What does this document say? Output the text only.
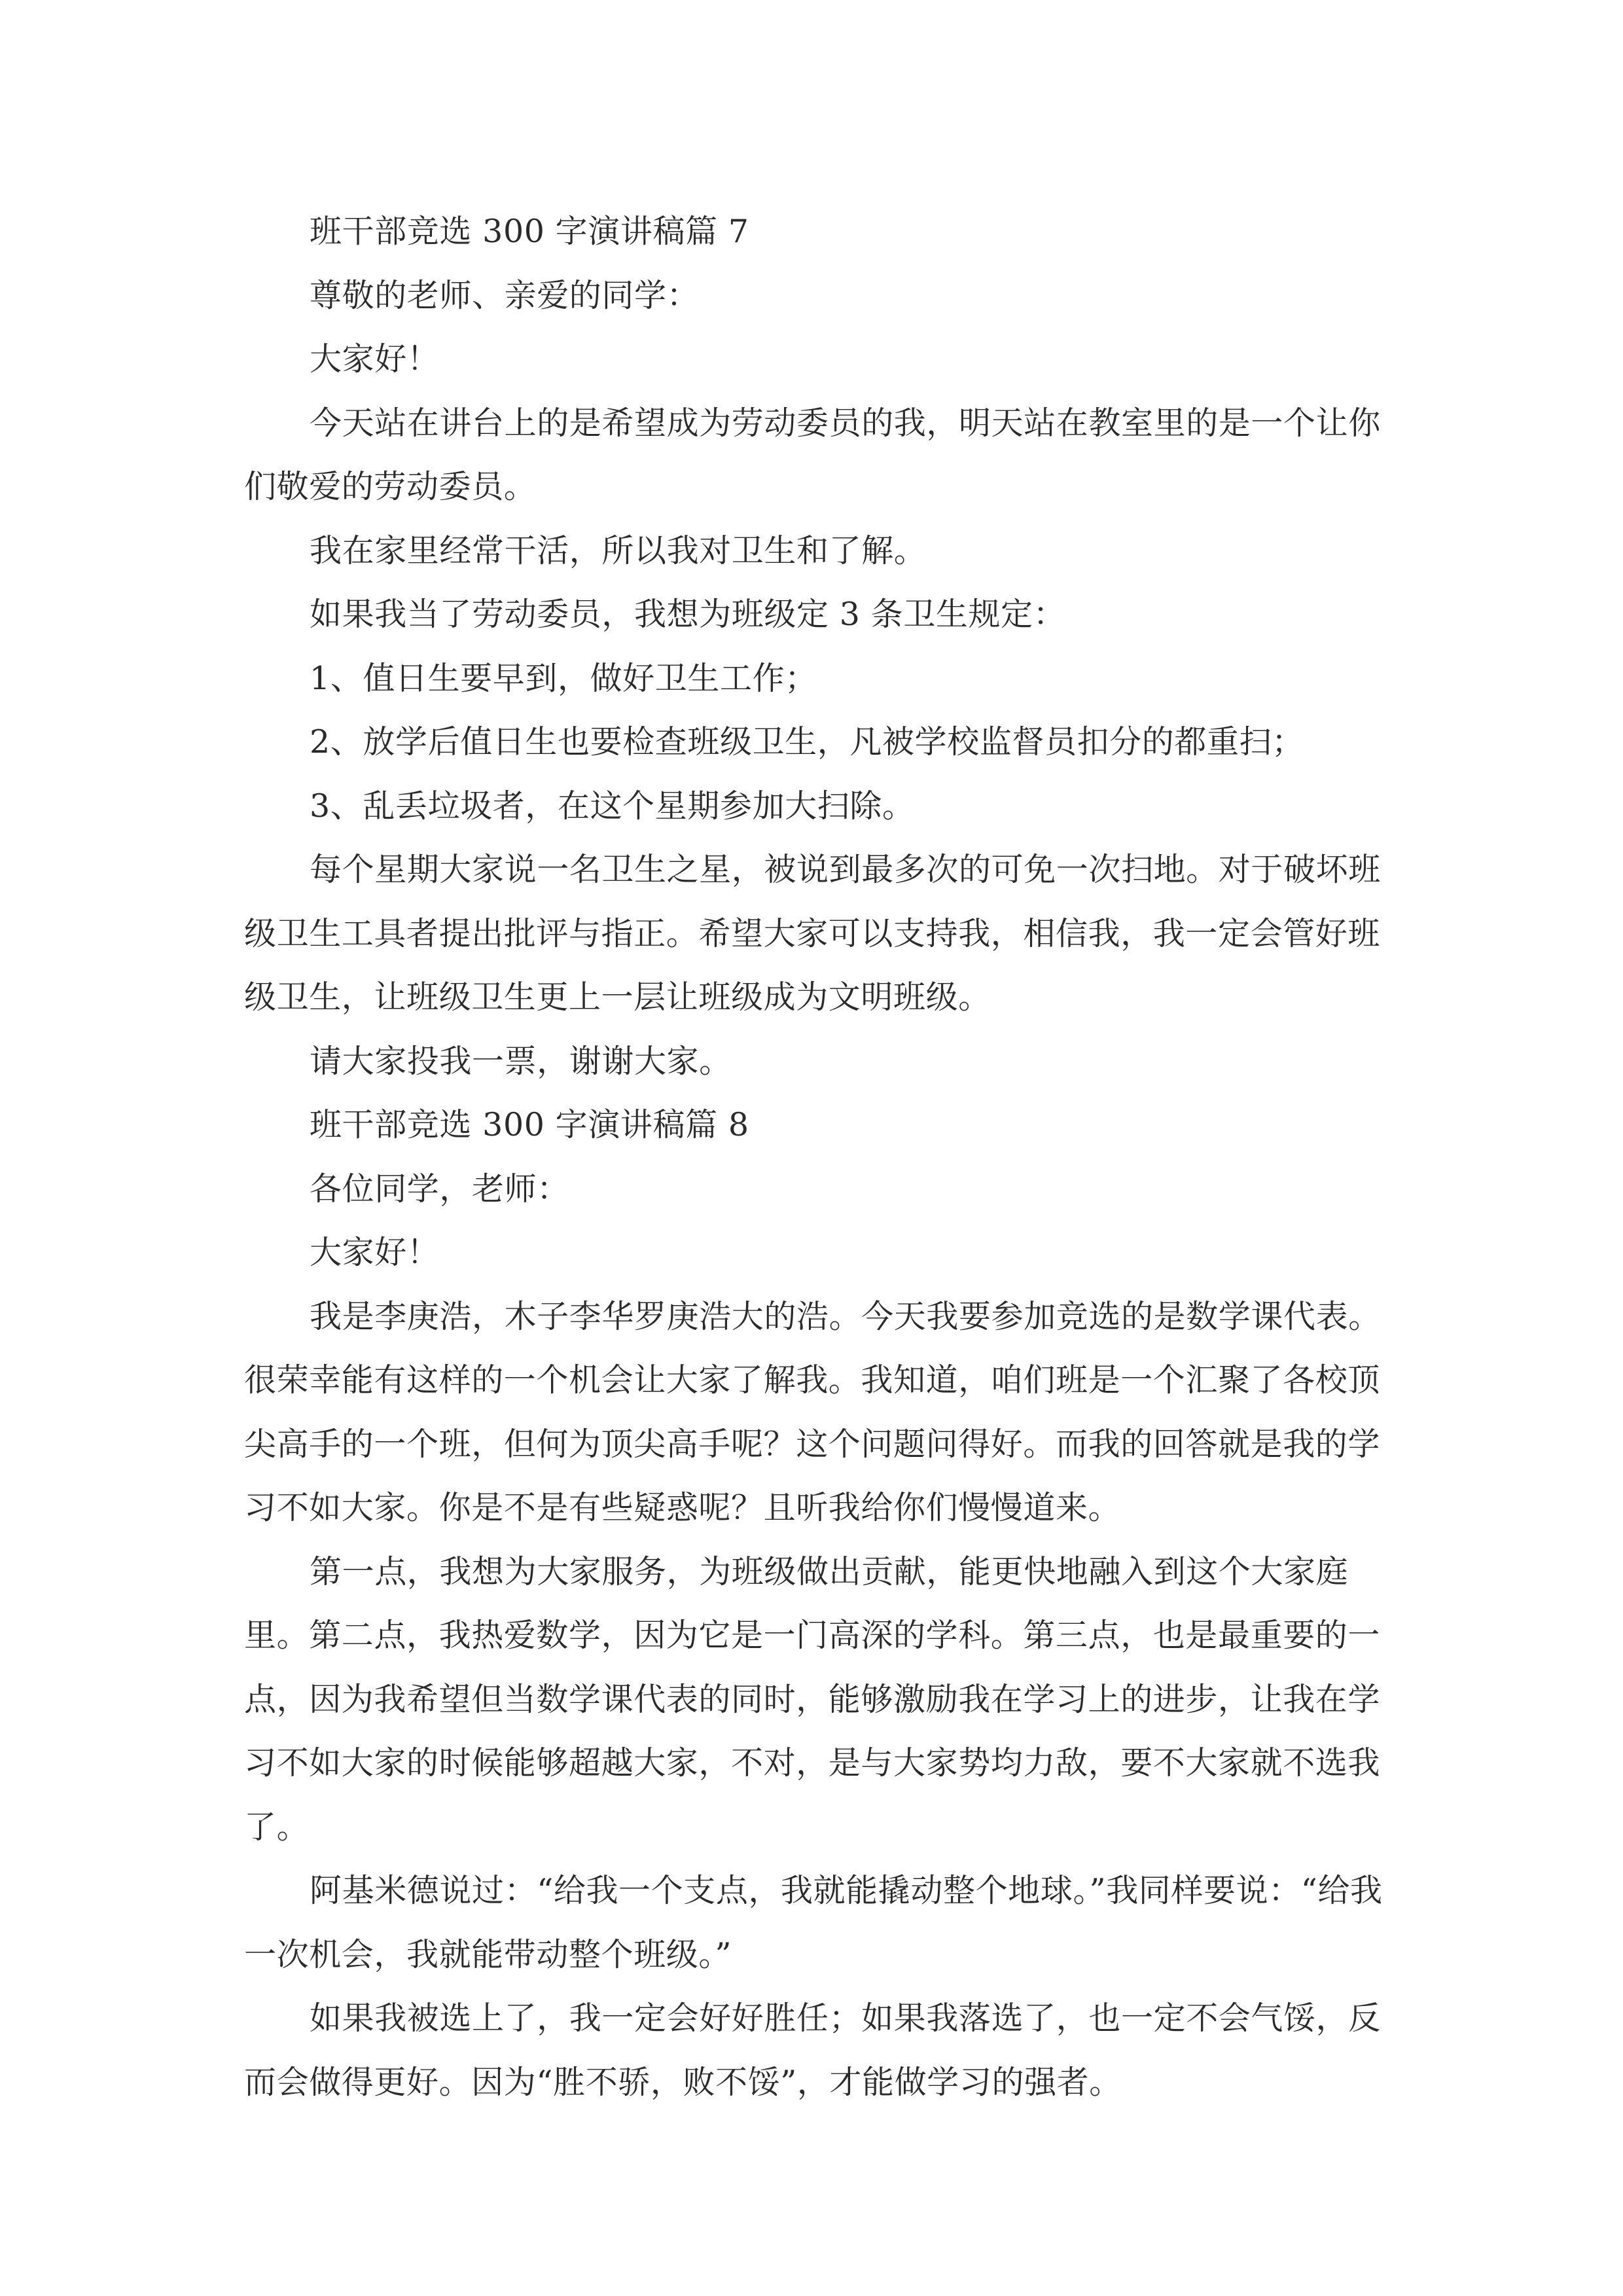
班干部竞选 300 字演讲稿篇 7

尊敬的老师、亲爱的同学：

大家好！

今天站在讲台上的是希望成为劳动委员的我，明天站在教室里的是一个让你们敬爱的劳动委员。

我在家里经常干活，所以我对卫生和了解。

如果我当了劳动委员，我想为班级定 3 条卫生规定：

1、值日生要早到，做好卫生工作；

2、放学后值日生也要检查班级卫生，凡被学校监督员扣分的都重扫；

3、乱丢垃圾者，在这个星期参加大扫除。

每个星期大家说一名卫生之星，被说到最多次的可免一次扫地。对于破坏班级卫生工具者提出批评与指正。希望大家可以支持我，相信我，我一定会管好班级卫生，让班级卫生更上一层让班级成为文明班级。

请大家投我一票，谢谢大家。

班干部竞选 300 字演讲稿篇 8

各位同学，老师：

大家好！

我是李庚浩，木子李华罗庚浩大的浩。今天我要参加竞选的是数学课代表。很荣幸能有这样的一个机会让大家了解我。我知道，咱们班是一个汇聚了各校顶尖高手的一个班，但何为顶尖高手呢？这个问题问得好。而我的回答就是我的学习不如大家。你是不是有些疑惑呢？且听我给你们慢慢道来。

第一点，我想为大家服务，为班级做出贡献，能更快地融入到这个大家庭里。第二点，我热爱数学，因为它是一门高深的学科。第三点，也是最重要的一点，因为我希望但当数学课代表的同时，能够激励我在学习上的进步，让我在学习不如大家的时候能够超越大家，不对，是与大家势均力敌，要不大家就不选我了。

阿基米德说过：“给我一个支点，我就能撬动整个地球。”我同样要说：“给我一次机会，我就能带动整个班级。”

如果我被选上了，我一定会好好胜任；如果我落选了，也一定不会气馁，反而会做得更好。因为“胜不骄，败不馁”，才能做学习的强者。
